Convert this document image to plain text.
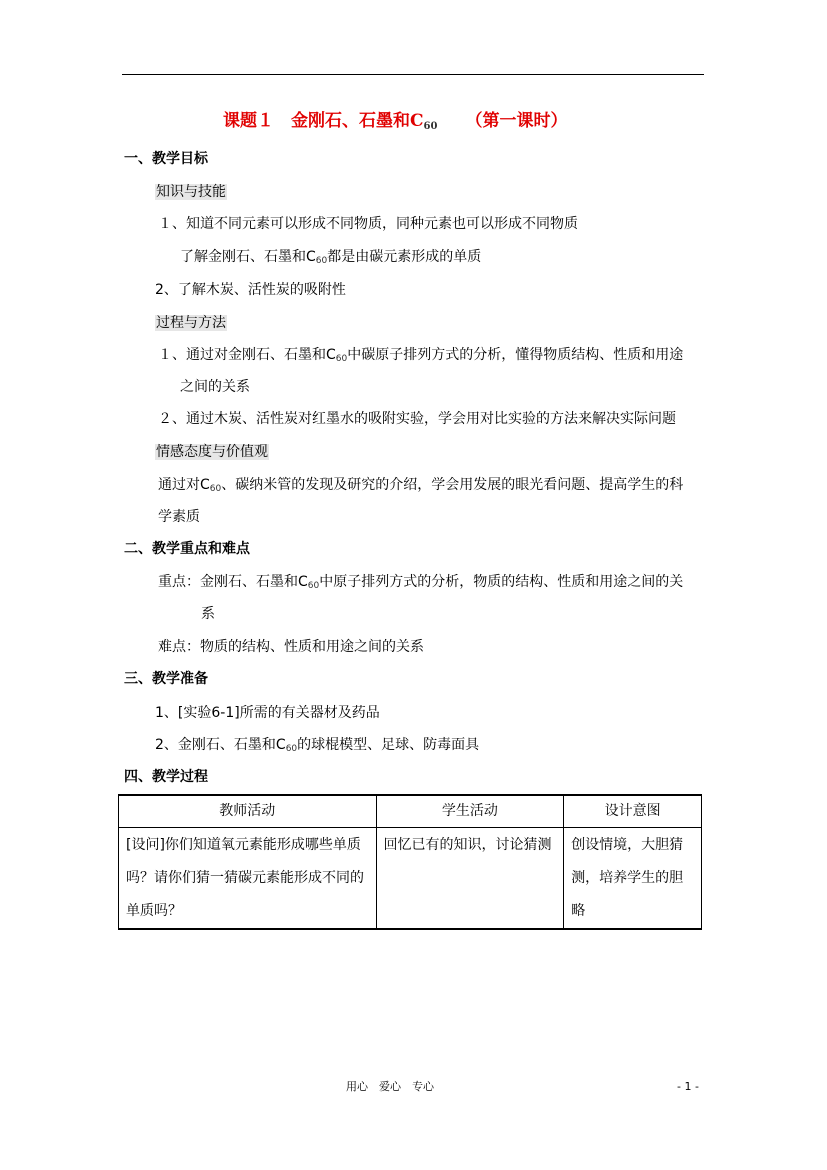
课题１　金刚石、石墨和$C_{60}$ （第一课时）
一、教学目标
知识与技能
１、知道不同元素可以形成不同物质，同种元素也可以形成不同物质
了解金刚石、石墨和$C_{60}$都是由碳元素形成的单质
2、了解木炭、活性炭的吸附性
过程与方法
１、通过对金刚石、石墨和$C_{60}$中碳原子排列方式的分析，懂得物质结构、性质和用途
之间的关系
２、通过木炭、活性炭对红墨水的吸附实验，学会用对比实验的方法来解决实际问题
情感态度与价值观
通过对$C_{60}$、碳纳米管的发现及研究的介绍，学会用发展的眼光看问题、提高学生的科
学素质
二、教学重点和难点
重点：金刚石、石墨和$C_{60}$中原子排列方式的分析，物质的结构、性质和用途之间的关
系
难点：物质的结构、性质和用途之间的关系
三、教学准备
1、[实验6-1]所需的有关器材及药品
2、金刚石、石墨和$C_{60}$的球棍模型、足球、防毒面具
四、教学过程
教师活动	学生活动	设计意图
[设问]你们知道氧元素能形成哪些单质吗？请你们猜一猜碳元素能形成不同的单质吗？	回忆已有的知识，讨论猜测	创设情境，大胆猜测，培养学生的胆略
用心　爱心　专心	- 1 -
